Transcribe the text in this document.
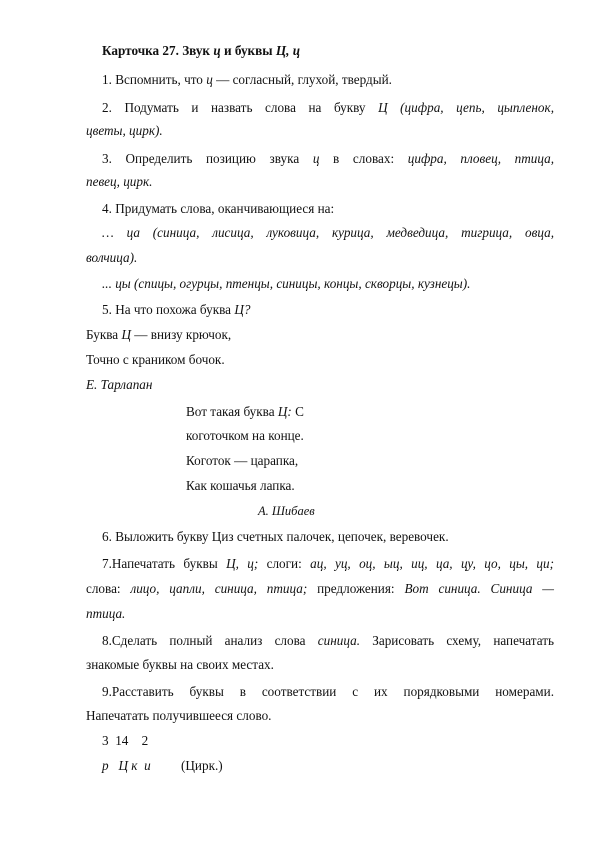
Карточка 27. Звук ц и буквы Ц, ц
1. Вспомнить, что ц — согласный, глухой, твердый.
2. Подумать и назвать слова на букву Ц (цифра, цепь, цыпленок,
цветы, цирк).
3. Определить позицию звука ц в словах: цифра, пловец, птица,
певец, цирк.
4. Придумать слова, оканчивающиеся на:
… ца (синица, лисица, луковица, курица, медведица, тигрица, овца,
волчица).
... цы (спицы, огурцы, птенцы, синицы, концы, скворцы, кузнецы).
5. На что похожа буква Ц?
Буква Ц — внизу крючок,
Точно с краником бочок.
Е. Тарлапан
Вот такая буква Ц: С
коготочком на конце.
Коготок — царапка,
Как кошачья лапка.
А. Шибаев
6. Выложить букву Циз счетных палочек, цепочек, веревочек.
7.Напечатать буквы Ц, ц; слоги: ац, уц, оц, ыц, иц, ца, цу, цо, цы, ци;
слова: лицо, цапли, синица, птица; предложения: Вот синица. Синица —
птица.
8.Сделать полный анализ слова синица. Зарисовать схему, напечатать
знакомые буквы на своих местах.
9.Расставить буквы в соответствии с их порядковыми номерами.
Напечатать получившееся слово.
3  14    2
р   Ц к  и (Цирк.)
